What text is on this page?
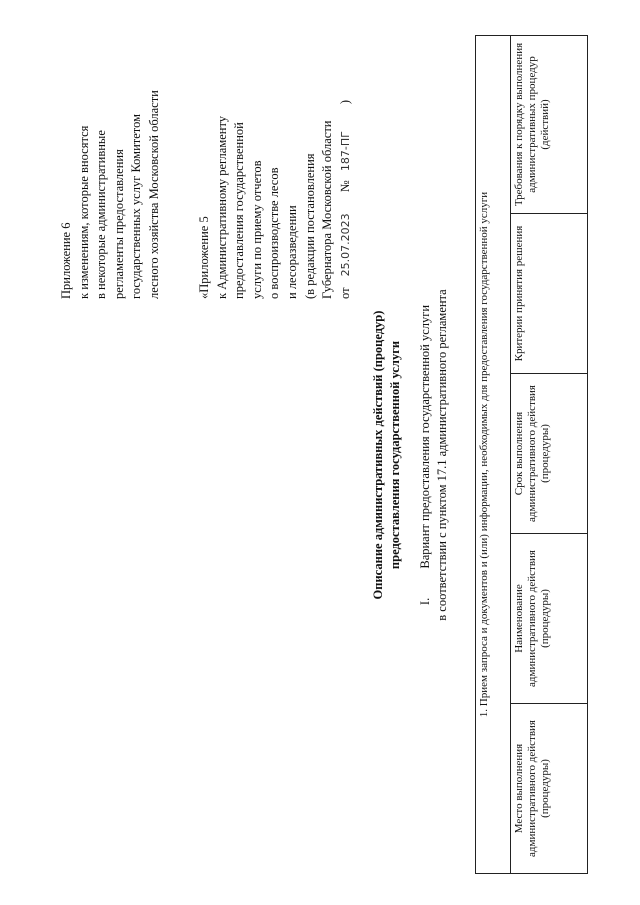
Приложение 6 к изменениям, которые вносятся в некоторые административные регламенты предоставления государственных услуг Комитетом лесного хозяйства Московской области	«Приложение 5 к Административному регламенту предоставления государственной услуги по приему отчетов о воспроизводстве лесов и лесоразведении (в редакции постановления Губернатора Московской области от 25.07.2023 № 187-ПГ )
Описание административных действий (процедур) предоставления государственной услуги
I. Вариант предоставления государственной услуги в соответствии с пунктом 17.1 административного регламента	1. Прием запроса и документов и (или) информации, необходимых для предоставления государственной услуги
Место выполнения административного действия (процедуры)	Наименование административного действия (процедуры)	Срок выполнения административного действия (процедуры)	Критерии принятия решения	Требования к порядку выполнения административных процедур (действий)
